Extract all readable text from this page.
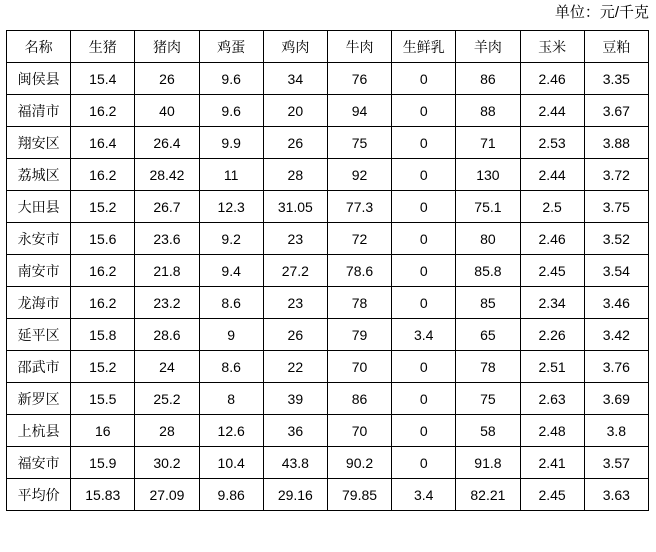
单位：元/千克
名称	生猪	猪肉	鸡蛋	鸡肉	牛肉	生鲜乳	羊肉	玉米	豆粕
闽侯县	15.4	26	9.6	34	76	0	86	2.46	3.35
福清市	16.2	40	9.6	20	94	0	88	2.44	3.67
翔安区	16.4	26.4	9.9	26	75	0	71	2.53	3.88
荔城区	16.2	28.42	11	28	92	0	130	2.44	3.72
大田县	15.2	26.7	12.3	31.05	77.3	0	75.1	2.5	3.75
永安市	15.6	23.6	9.2	23	72	0	80	2.46	3.52
南安市	16.2	21.8	9.4	27.2	78.6	0	85.8	2.45	3.54
龙海市	16.2	23.2	8.6	23	78	0	85	2.34	3.46
延平区	15.8	28.6	9	26	79	3.4	65	2.26	3.42
邵武市	15.2	24	8.6	22	70	0	78	2.51	3.76
新罗区	15.5	25.2	8	39	86	0	75	2.63	3.69
上杭县	16	28	12.6	36	70	0	58	2.48	3.8
福安市	15.9	30.2	10.4	43.8	90.2	0	91.8	2.41	3.57
平均价	15.83	27.09	9.86	29.16	79.85	3.4	82.21	2.45	3.63
